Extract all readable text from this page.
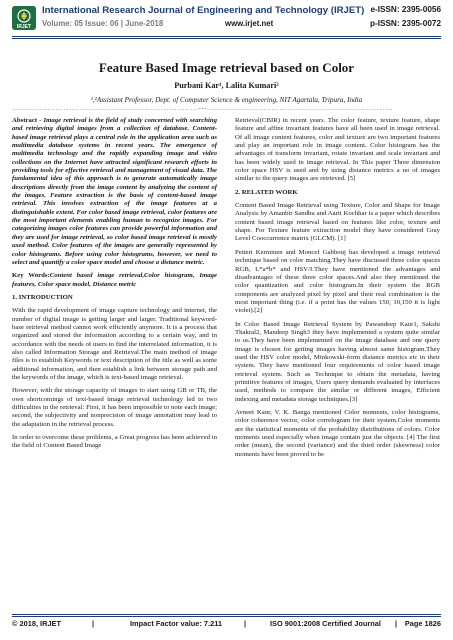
IRJET
International Research Journal of Engineering and Technology (IRJET) e-ISSN: 2395-0056
Volume: 05 Issue: 06 | June-2018	www.irjet.net	p-ISSN: 2395-0072
Feature Based Image retrieval based on Color
Purbani Kar¹, Lalita Kumari²
¹,²Assistant Professor, Dept. of Computer Science & engineering, NIT Agartala, Tripura, India
---------------------------------------------------------------------***---------------------------------------------------------------------

Abstract - Image retrieval is the field of study concerned with searching and retrieving digital images from a collection of database. Content-based image retrieval plays a central role in the application area such as multimedia database systems in recent years. The emergence of multimedia technology and the rapidly expanding image and video collections on the Internet have attracted significant research efforts in providing tools for effective retrieval and management of visual data. The fundamental idea of this approach is to generate automatically image descriptions directly from the image content by analyzing the content of the images. Feature extraction is the basis of content-based image retrieval. This involves extraction of the image features at a distinguishable extent. For color based image retrieval, color features are the most important elements enabling human to recognize images. For categorizing images color features can provide powerful information and they are used for image retrieval, so color based image retrieval is mostly used method. Color features of the images are generally represented by color histograms. Before using color histograms, however, we need to select and quantify a color space model and choose a distance metric.

Key Words:Content based image retrieval,Color histogram, Image features, Color space model, Distance metric

1. INTRODUCTION

With the rapid development of image capture technology and internet, the number of digital image is getting larger and larger. Traditional keyword-base retrieval method cannot work efficiently anymore. It is a process that organized and stored the information according to a certain way, and in accordance with the needs of users to find the interrelated information, it is also called Information Storage and Retrieval.The main method of image files is to establish Keywords or text description of the title as well as some additional information, and then establish a link between storage path and the keywords of the image, which is text-based image retrieval.

However, with the storage capacity of images to start using GB or TB, the own shortcomings of text-based image retrieval technology led to two difficulties in the retrieval: First, it has been impossible to note each image; second, the subjectivity and nonprecision of image annotation may lead to the adaptation in the retrieval process.

In order to overcome these problems, a Great progress has been achieved in the field of Content Based Image

Retrieval(CBIR) in recent years. The color feature, texture feature, shape feature and affine invariant features have all been used in image retrieval. Of all image content features, color and texture are two important features and play an important role in image content. Color histogram has the advantages of transform invariant, rotate invariant and scale invariant and has been widely used in image retrieval. In This paper Three dimension color space HSV is used and by using distance metrics a no of images similar to the query images are retrieved. [5]

2. RELATED WORK

Content Based Image Retrieval using Texture, Color and Shape for Image Analysis by Amanbir Sandhu and Aarti Kochhar is a paper which describes content based image retrieval based on features like color, texture and shape. For Texture feature extraction model they have considered Gray Level Cooccurrence matrix (GLCM). [1]

Petteri Kerminen and Moncef Gabbouj has developed a image retrieval technique based on color matching.They have discussed three color spaces RGB, L*a*b* and HSV/I.They have mentioned the advantages and disadvantages of these three color spaces.And also they mentioned the color quantization and color histogram.In their system the RGB components are analyzed pixel by pixel and their real combination is the most important thing (i.e. if a point has the values 150, 10,150 it is light violet).[2]

In Color Based Image Retrieval System by Pawandeep Kaur1, Sakshi Thakral2, Mandeep Singh3 they have implemented a system quite similar to us.They have been implemented on the image database and one query image is chosen for getting images having almost same histogram.They used the HSV color model, Minkowski-form distance metrics etc in their system. They have mentioned four requirements of color based image retrieval system. Such as Technique to obtain the metadata, having primitive features of images, Users query demands evaluated by interfaces used, methods to compare the similar or different images, Efficient indexing and metadata storage techniques.[3]

Avneet Kaur, V. K. Banga mentioned Color moments, color histograms, color coherence vector, color correlogram for their system.Color moments are the statistical moments of the probability distributions of colors. Color moments used especially when image contain just the objects. [4] The first order (mean), the second (variance) and the third order (skewness) color moments have been proved to be

© 2018, IRJET	|	Impact Factor value: 7.211	|	ISO 9001:2008 Certified Journal | Page 1826
